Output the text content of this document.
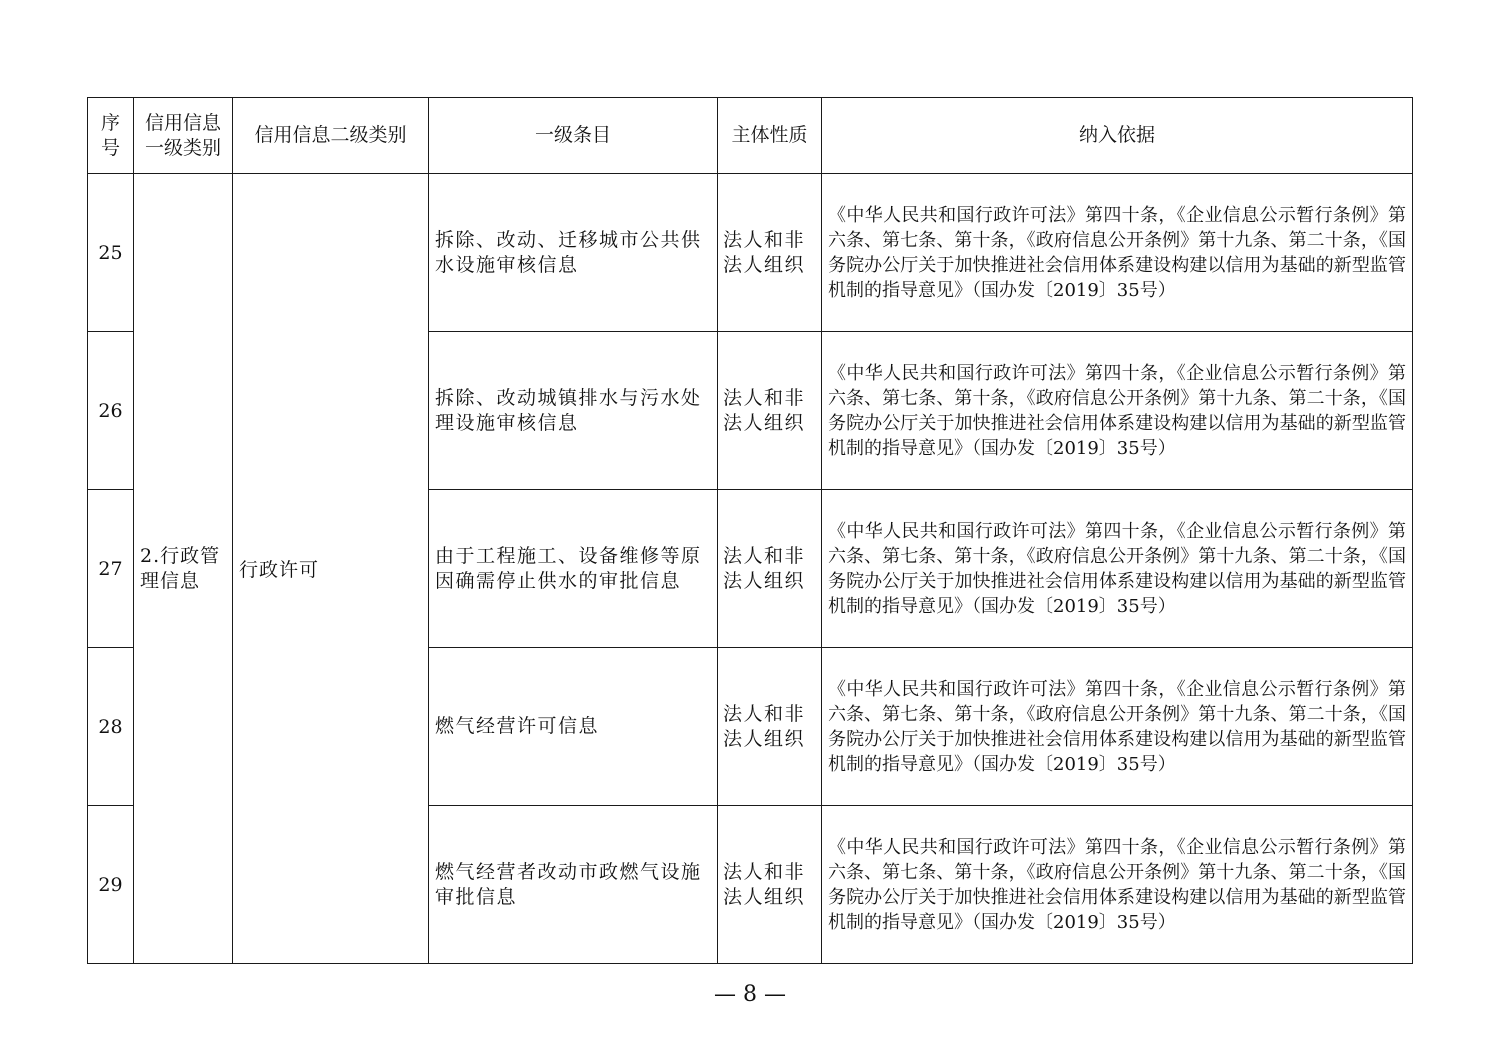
序号	信用信息一级类别	信用信息二级类别	一级条目	主体性质	纳入依据
25	2.行政管理信息	行政许可	拆除、改动、迁移城市公共供水设施审核信息	法人和非法人组织	《中华人民共和国行政许可法》第四十条，《企业信息公示暂行条例》第六条、第七条、第十条，《政府信息公开条例》第十九条、第二十条，《国务院办公厅关于加快推进社会信用体系建设构建以信用为基础的新型监管机制的指导意见》（国办发〔2019〕35号）
26			拆除、改动城镇排水与污水处理设施审核信息	法人和非法人组织	《中华人民共和国行政许可法》第四十条，《企业信息公示暂行条例》第六条、第七条、第十条，《政府信息公开条例》第十九条、第二十条，《国务院办公厅关于加快推进社会信用体系建设构建以信用为基础的新型监管机制的指导意见》（国办发〔2019〕35号）
27			由于工程施工、设备维修等原因确需停止供水的审批信息	法人和非法人组织	《中华人民共和国行政许可法》第四十条，《企业信息公示暂行条例》第六条、第七条、第十条，《政府信息公开条例》第十九条、第二十条，《国务院办公厅关于加快推进社会信用体系建设构建以信用为基础的新型监管机制的指导意见》（国办发〔2019〕35号）
28			燃气经营许可信息	法人和非法人组织	《中华人民共和国行政许可法》第四十条，《企业信息公示暂行条例》第六条、第七条、第十条，《政府信息公开条例》第十九条、第二十条，《国务院办公厅关于加快推进社会信用体系建设构建以信用为基础的新型监管机制的指导意见》（国办发〔2019〕35号）
29			燃气经营者改动市政燃气设施审批信息	法人和非法人组织	《中华人民共和国行政许可法》第四十条，《企业信息公示暂行条例》第六条、第七条、第十条，《政府信息公开条例》第十九条、第二十条，《国务院办公厅关于加快推进社会信用体系建设构建以信用为基础的新型监管机制的指导意见》（国办发〔2019〕35号）
— 8 —
